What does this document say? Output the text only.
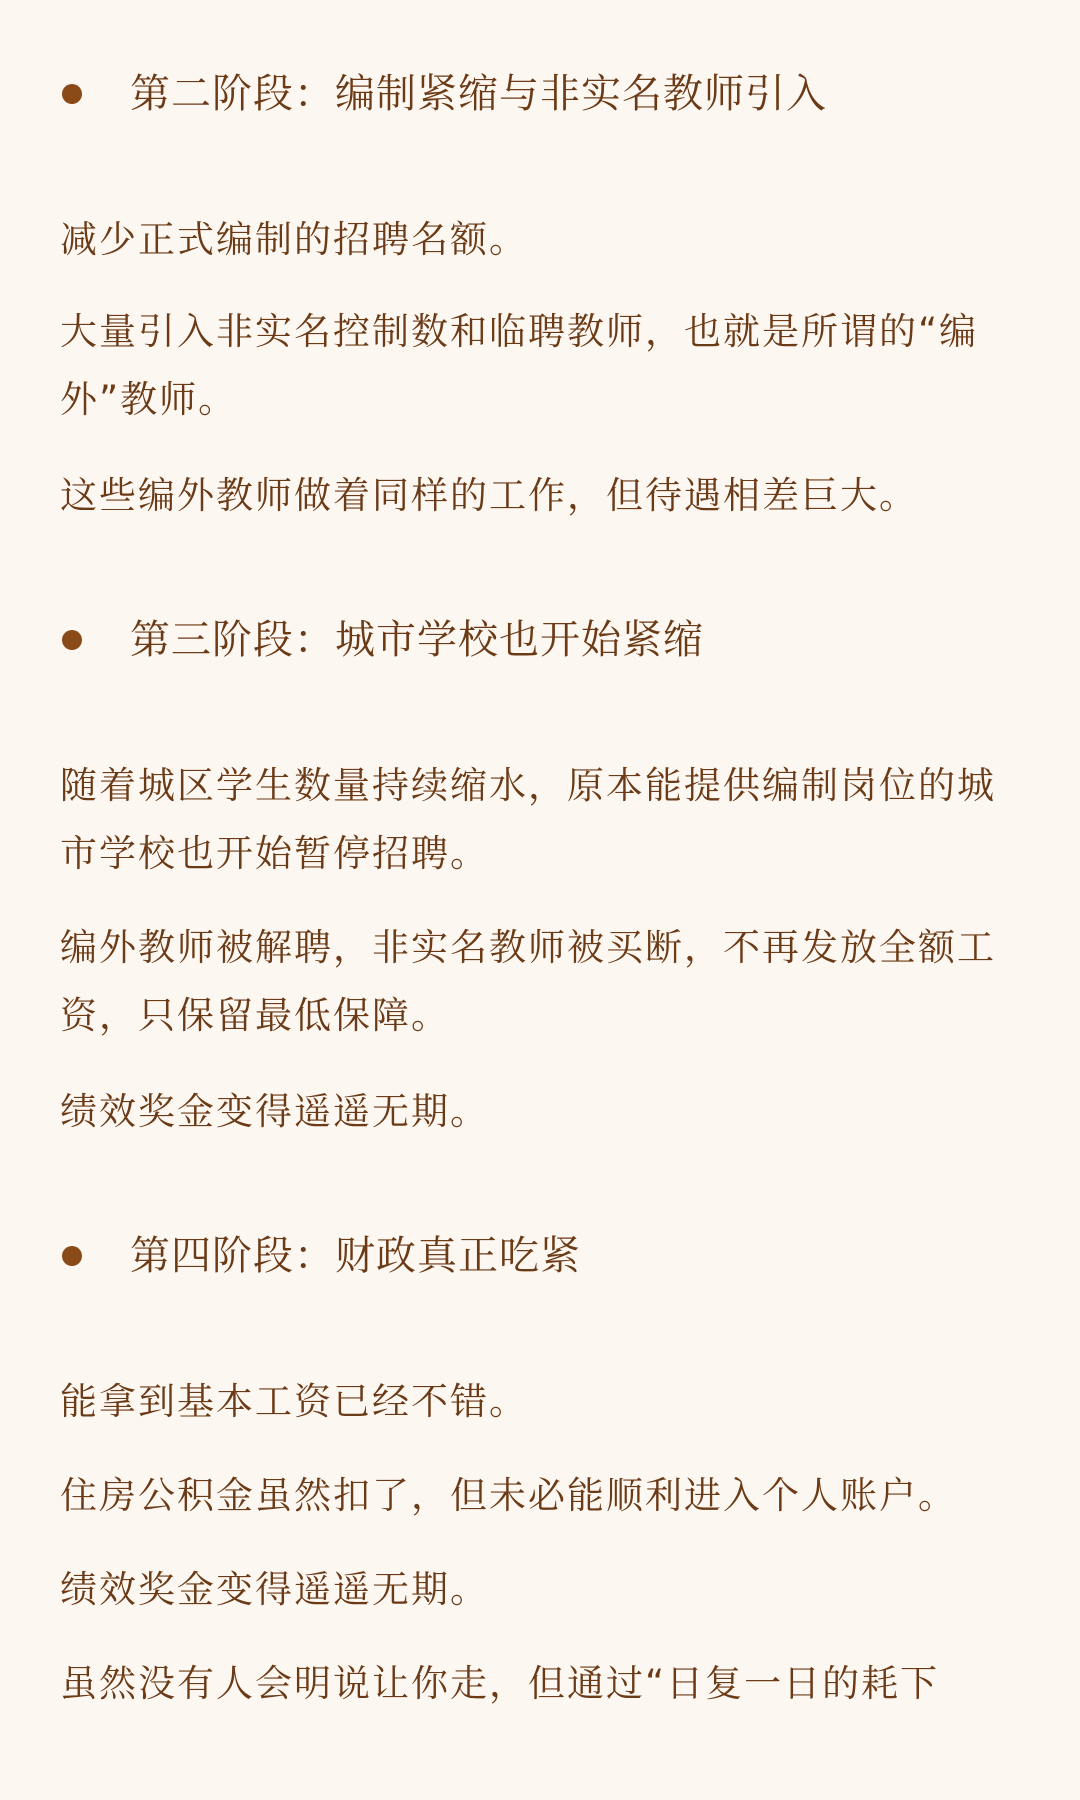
第二阶段：编制紧缩与非实名教师引入

减少正式编制的招聘名额。

大量引入非实名控制数和临聘教师，也就是所谓的“编外”教师。

这些编外教师做着同样的工作，但待遇相差巨大。

第三阶段：城市学校也开始紧缩

随着城区学生数量持续缩水，原本能提供编制岗位的城市学校也开始暂停招聘。

编外教师被解聘，非实名教师被买断，不再发放全额工资，只保留最低保障。

绩效奖金变得遥遥无期。

第四阶段：财政真正吃紧

能拿到基本工资已经不错。

住房公积金虽然扣了，但未必能顺利进入个人账户。

绩效奖金变得遥遥无期。

虽然没有人会明说让你走，但通过“日复一日的耗下
